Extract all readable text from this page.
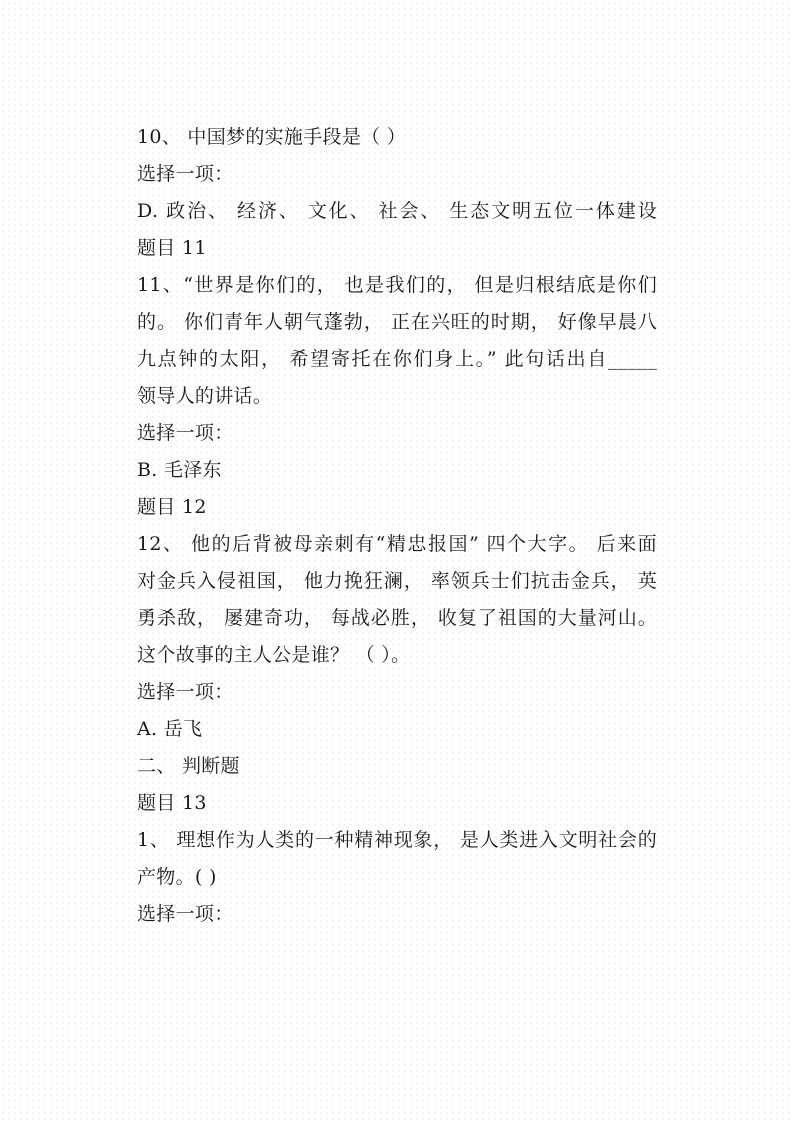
10、 中国梦的实施手段是（ ）
选择一项：
D. 政治、 经济、 文化、 社会、 生态文明五位一体建设
题目 11
11、“世界是你们的， 也是我们的， 但是归根结底是你们
的。 你们青年人朝气蓬勃， 正在兴旺的时期， 好像早晨八
九点钟的太阳， 希望寄托在你们身上。” 此句话出自_____
领导人的讲话。
选择一项：
B. 毛泽东
题目 12
12、 他的后背被母亲刺有“精忠报国” 四个大字。 后来面
对金兵入侵祖国， 他力挽狂澜， 率领兵士们抗击金兵， 英
勇杀敌， 屡建奇功， 每战必胜， 收复了祖国的大量河山。
这个故事的主人公是谁？ （ ）。
选择一项：
A. 岳飞
二、 判断题
题目 13
1、 理想作为人类的一种精神现象， 是人类进入文明社会的
产物。( )
选择一项：
